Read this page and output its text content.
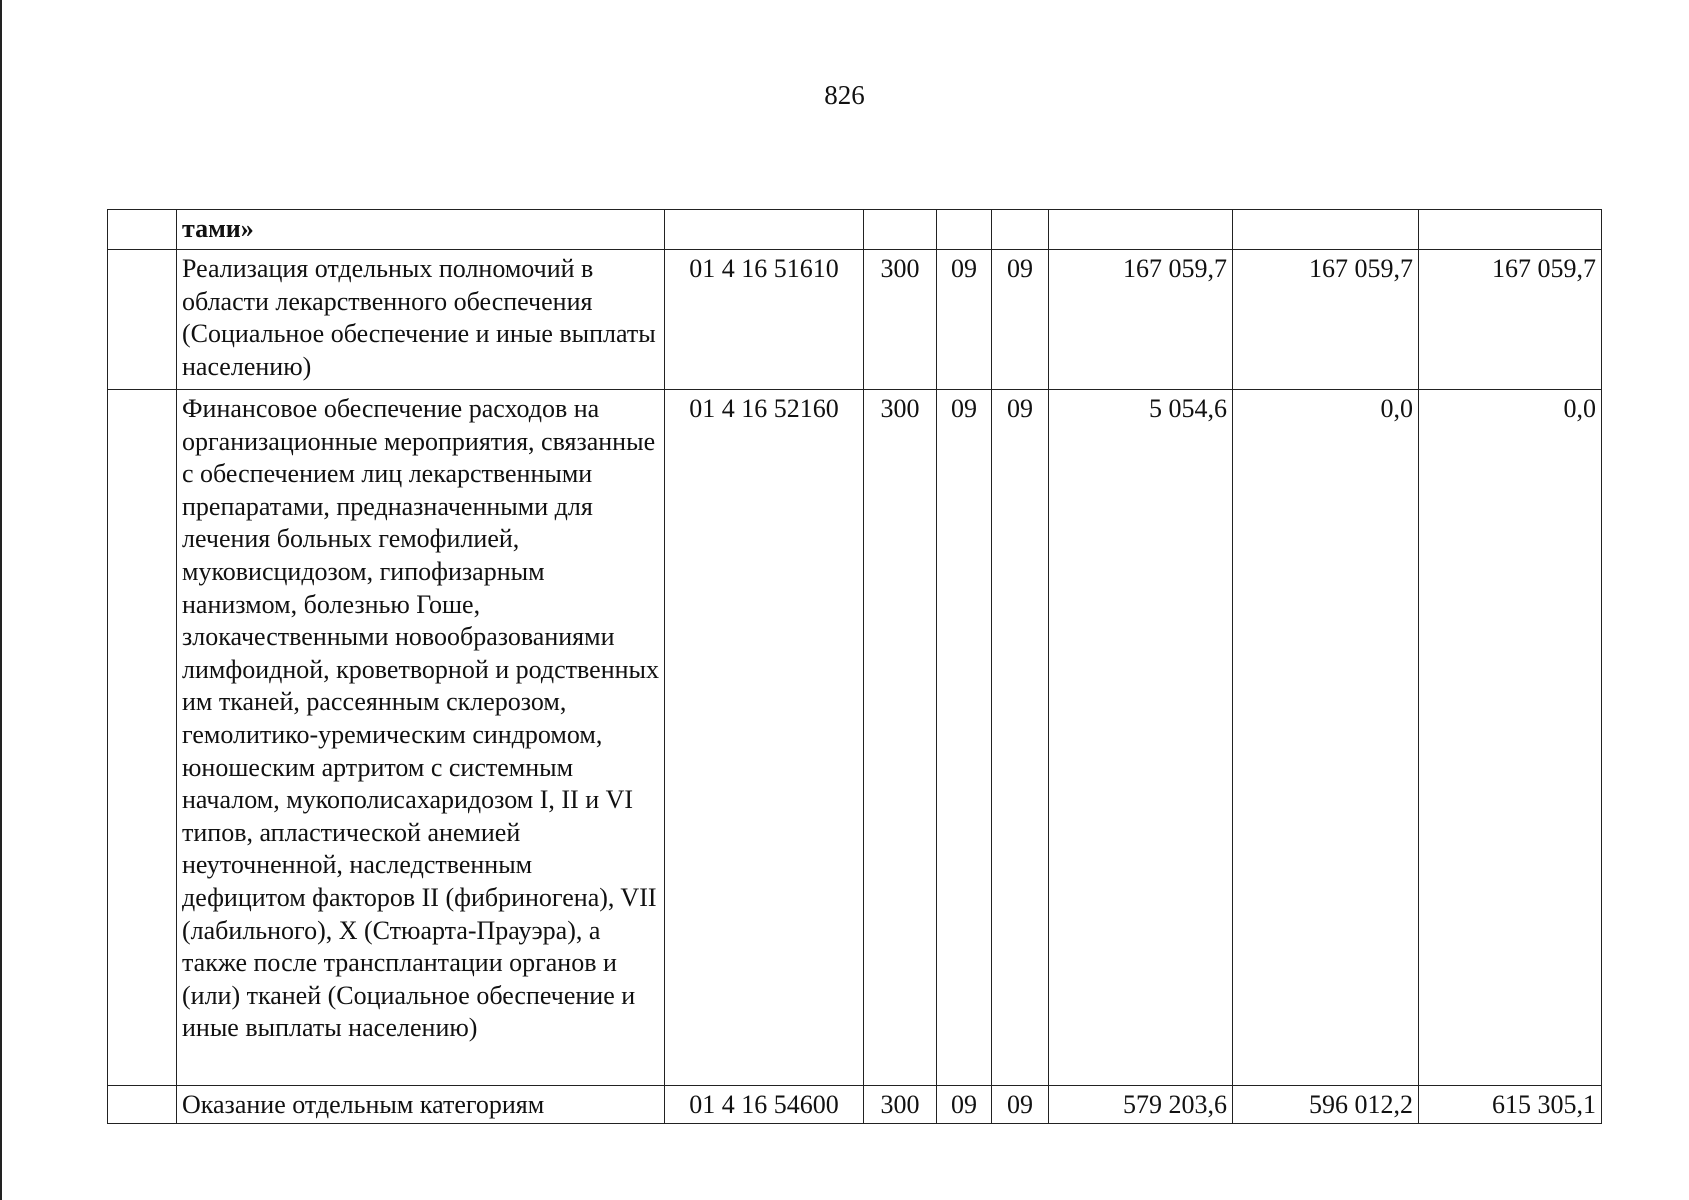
826
	тами»							
	Реализация отдельных полномочий в области лекарственного обеспечения (Социальное обеспечение и иные выплаты населению)	01 4 16 51610	300	09	09	167 059,7	167 059,7	167 059,7
	Финансовое обеспечение расходов на организационные мероприятия, связанные с обеспечением лиц лекарственными препаратами, предназначенными для лечения больных гемофилией, муковисцидозом, гипофизарным нанизмом, болезнью Гоше, злокачественными новообразованиями лимфоидной, кроветворной и родственных им тканей, рассеянным склерозом, гемолитико-уремическим синдромом, юношеским артритом с системным началом, мукополисахаридозом I, II и VI типов, апластической анемией неуточненной, наследственным дефицитом факторов II (фибриногена), VII (лабильного), X (Стюарта-Прауэра), а также после трансплантации органов и (или) тканей (Социальное обеспечение и иные выплаты населению)	01 4 16 52160	300	09	09	5 054,6	0,0	0,0
	Оказание отдельным категориям	01 4 16 54600	300	09	09	579 203,6	596 012,2	615 305,1
